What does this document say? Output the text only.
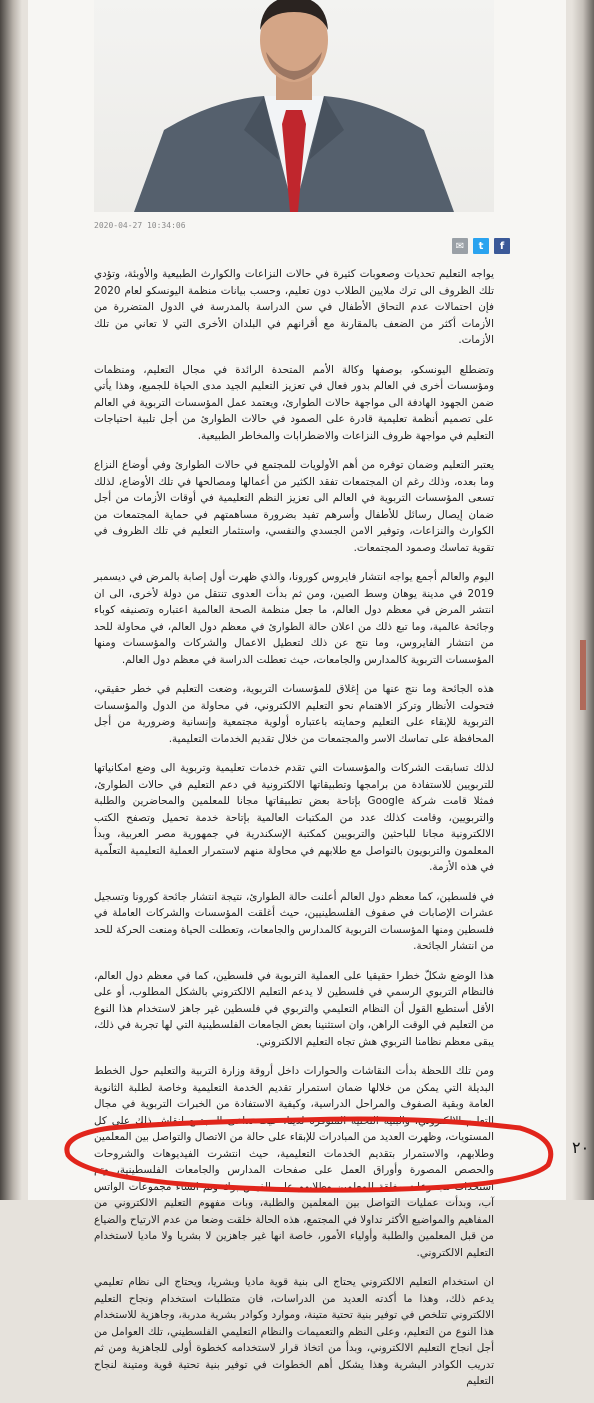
2020-04-27 10:34:06
✉	t	f

يواجه التعليم تحديات وصعوبات كثيرة في حالات النزاعات والكوارث الطبيعية والأوبئة، وتؤدي تلك الظروف الى ترك ملايين الطلاب دون تعليم، وحسب بيانات منظمة اليونسكو لعام 2020 فإن احتمالات عدم التحاق الأطفال في سن الدراسة بالمدرسة في الدول المتضررة من الأزمات أكثر من الضعف بالمقارنة مع أقرانهم في البلدان الأخرى التي لا تعاني من تلك الأزمات.

وتضطلع اليونسكو، بوصفها وكالة الأمم المتحدة الرائدة في مجال التعليم، ومنظمات ومؤسسات أخرى في العالم بدور فعال في تعزيز التعليم الجيد مدى الحياة للجميع، وهذا يأتي ضمن الجهود الهادفة الى مواجهة حالات الطوارئ، ويعتمد عمل المؤسسات التربوية في العالم على تصميم أنظمة تعليمية قادرة على الصمود في حالات الطوارئ من أجل تلبية احتياجات التعليم في مواجهة ظروف النزاعات والاضطرابات والمخاطر الطبيعية.

يعتبر التعليم وضمان توفره من أهم الأولويات للمجتمع في حالات الطوارئ وفي أوضاع النزاع وما بعده، وذلك رغم ان المجتمعات تفقد الكثير من أعمالها ومصالحها في تلك الأوضاع، لذلك تسعى المؤسسات التربوية في العالم الى تعزيز النظم التعليمية في أوقات الأزمات من أجل ضمان إيصال رسائل للأطفال وأسرهم تفيد بضرورة مساهمتهم في حماية المجتمعات من الكوارث والنزاعات، وتوفير الامن الجسدي والنفسي، واستثمار التعليم في تلك الظروف في تقوية تماسك وصمود المجتمعات.

اليوم والعالم أجمع يواجه انتشار فايروس كورونا، والذي ظهرت أول إصابة بالمرض في ديسمبر 2019 في مدينة يوهان وسط الصين، ومن ثم بدأت العدوى تنتقل من دولة لأخرى، الى ان انتشر المرض في معظم دول العالم، ما جعل منظمة الصحة العالمية اعتباره وتصنيفه كوباء وجائحة عالمية، وما تبع ذلك من اعلان حالة الطوارئ في معظم دول العالم، في محاولة للحد من انتشار الفايروس، وما نتج عن ذلك لتعطيل الاعمال والشركات والمؤسسات ومنها المؤسسات التربوية كالمدارس والجامعات، حيث تعطلت الدراسة في معظم دول العالم.

هذه الجائحة وما نتج عنها من إغلاق للمؤسسات التربوية، وضعت التعليم في خطر حقيقي، فتحولت الأنظار وتركز الاهتمام نحو التعليم الالكتروني، في محاولة من الدول والمؤسسات التربوية للإبقاء على التعليم وحمايته باعتباره أولوية مجتمعية وإنسانية وضرورية من أجل المحافظة على تماسك الاسر والمجتمعات من خلال تقديم الخدمات التعليمية.

لذلك تسابقت الشركات والمؤسسات التي تقدم خدمات تعليمية وتربوية الى وضع امكانياتها للتربويين للاستفادة من برامجها وتطبيقاتها الالكترونية في دعم التعليم في حالات الطوارئ، فمثلا قامت شركة Google بإتاحة بعض تطبيقاتها مجانا للمعلمين والمحاضرين والطلبة والتربويين، وقامت كذلك عدد من المكتبات العالمية بإتاحة خدمة تحميل وتصفح الكتب الالكترونية مجانا للباحثين والتربويين كمكتبة الإسكندرية في جمهورية مصر العربية، وبدأ المعلمون والتربويون بالتواصل مع طلابهم في محاولة منهم لاستمرار العملية التعليمية التعلّمية في هذه الأزمة.

في فلسطين، كما معظم دول العالم أعلنت حالة الطوارئ، نتيجة انتشار جائحة كورونا وتسجيل عشرات الإصابات في صفوف الفلسطينيين، حيث أغلقت المؤسسات والشركات العاملة في فلسطين ومنها المؤسسات التربوية كالمدارس والجامعات، وتعطلت الحياة ومنعت الحركة للحد من انتشار الجائحة.

هذا الوضع شكلّ خطرا حقيقيا على العملية التربوية في فلسطين، كما في معظم دول العالم، فالنظام التربوي الرسمي في فلسطين لا يدعم التعليم الالكتروني بالشكل المطلوب، أو على الأقل أستطيع القول أن النظام التعليمي والتربوي في فلسطين غير جاهز لاستخدام هذا النوع من التعليم في الوقت الراهن، وان استثنينا بعض الجامعات الفلسطينية التي لها تجربة في ذلك، يبقى معظم نظامنا التربوي هش تجاه التعليم الالكتروني.

ومن تلك اللحظة بدأت النقاشات والحوارات داخل أروقة وزارة التربية والتعليم حول الخطط البديلة التي يمكن من خلالها ضمان استمرار تقديم الخدمة التعليمية وخاصة لطلبة الثانوية العامة وبقية الصفوف والمراحل الدراسية، وكيفية الاستفادة من الخبرات التربوية في مجال التعليم الالكتروني، والبنية التحتية المتوفرة لدينا، حيث تداعى المجتمع لنقاش ذلك على كل المستويات، وظهرت العديد من المبادرات للإبقاء على حالة من الاتصال والتواصل بين المعلمين وطلابهم، والاستمرار بتقديم الخدمات التعليمية، حيث انتشرت الفيديوهات والشروحات والحصص المصورة وأوراق العمل على صفحات المدارس والجامعات الفلسطينية، وتم استحداث مجموعات مغلقة للمعلمين وطلابهم على الفيس بوك وتم انشاء مجموعات الواتس آب، وبدأت عمليات التواصل بين المعلمين والطلبة، وبات مفهوم التعليم الالكتروني من المفاهيم والمواضيع الأكثر تداولا في المجتمع، هذه الحالة خلقت وضعا من عدم الارتياح والضياع من قبل المعلمين والطلبة وأولياء الأمور، خاصة انها غير جاهزين لا بشريا ولا ماديا لاستخدام التعليم الالكتروني.

ان استخدام التعليم الالكتروني يحتاج الى بنية قوية ماديا وبشريا، ويحتاج الى نظام تعليمي يدعم ذلك، وهذا ما أكدته العديد من الدراسات، فان متطلبات استخدام ونجاح التعليم الالكتروني تتلخص في توفير بنية تحتية متينة، وموارد وكوادر بشرية مدربة، وجاهزية للاستخدام هذا النوع من التعليم، وعلى النظم والتعميمات والنظام التعليمي الفلسطيني، تلك العوامل من أجل انجاح التعليم الالكتروني، وبدأ من اتخاذ قرار لاستخدامه كخطوة أولى للجاهزية ومن ثم تدريب الكوادر البشرية وهذا يشكل أهم الخطوات في توفير بنية تحتية قوية ومتينة لنجاح التعليم

٢٠
